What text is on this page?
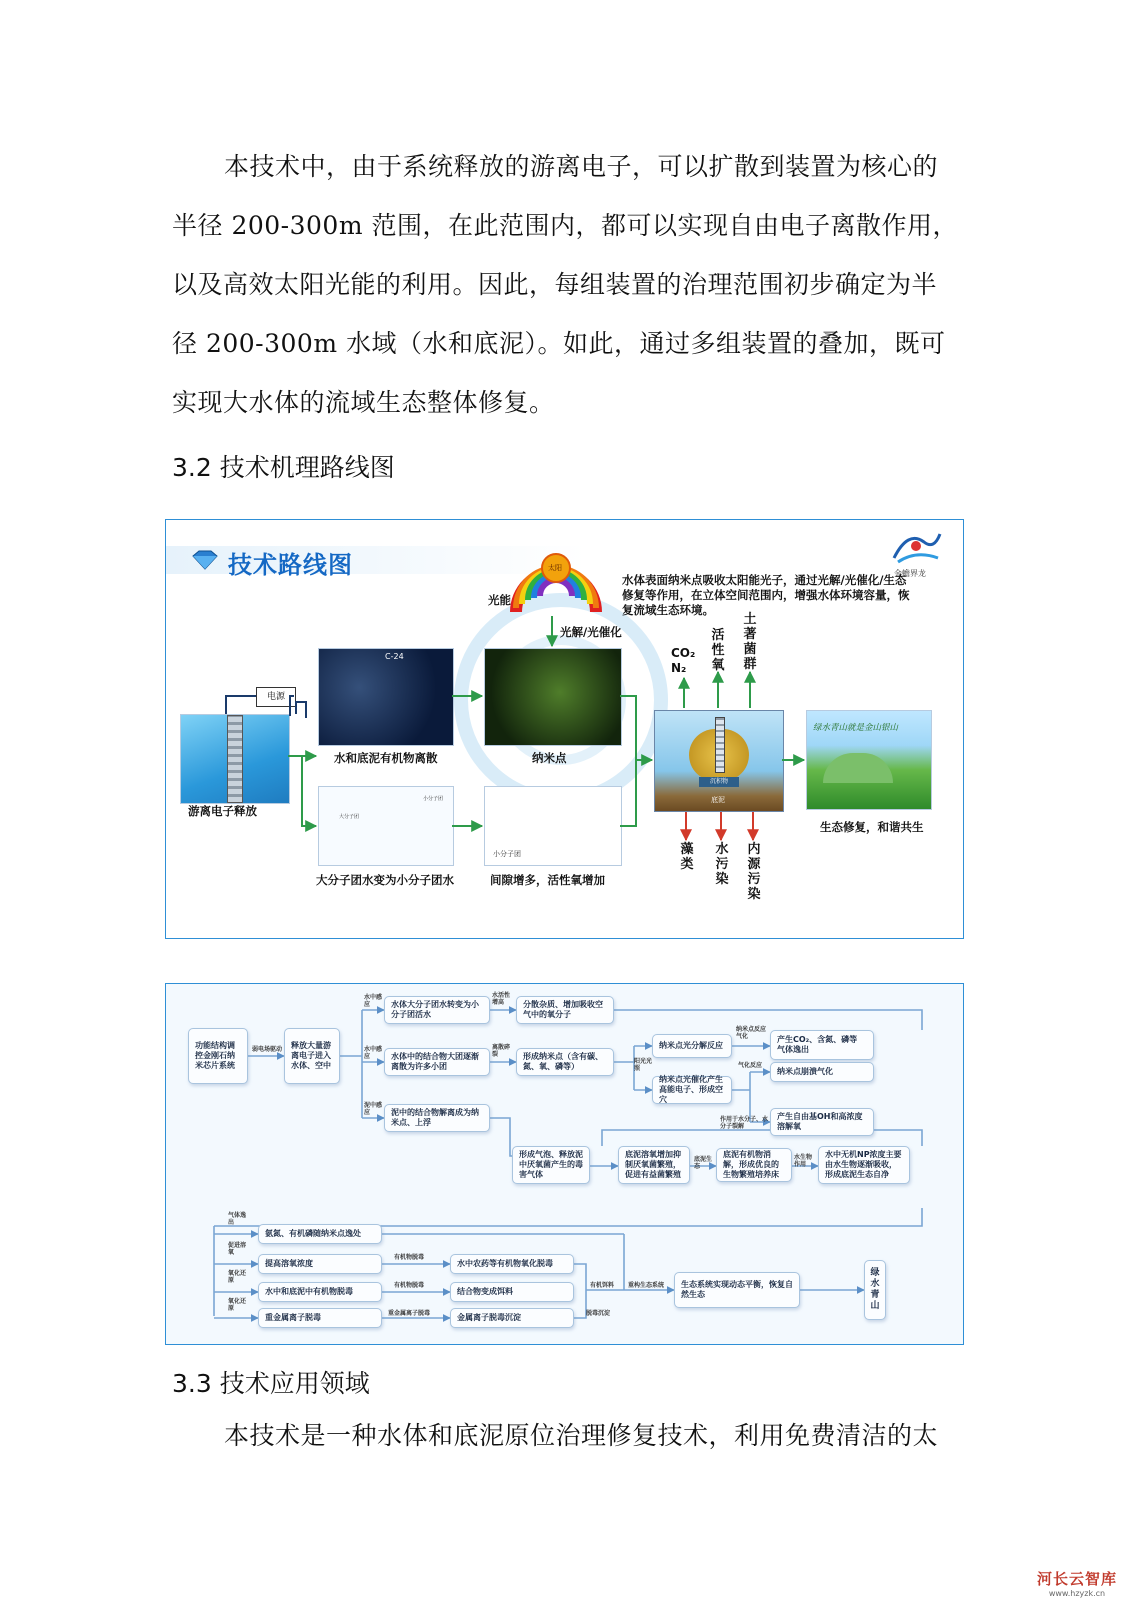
本技术中，由于系统释放的游离电子，可以扩散到装置为核心的
半径 200-300m 范围，在此范围内，都可以实现自由电子离散作用，
以及高效太阳光能的利用。因此，每组装置的治理范围初步确定为半
径 200-300m 水域（水和底泥）。如此，通过多组装置的叠加，既可
实现大水体的流域生态整体修复。
3.2 技术机理路线图
技术路线图	金蟾界龙
太阳
光能
光解/光催化
水体表面纳米点吸收太阳能光子，通过光解/光催化/生态修复等作用，在立体空间范围内，增强水体环境容量，恢复流域生态环境。
电源
游离电子释放
C-24
水和底泥有机物离散	纳米点
小分子团
大分子团
大分子团水变为小分子团水
小分子团
间隙增多，活性氧增加
CO₂
N₂
活性氧
土著菌群
沉积物
底泥
藻类
水污染
内源污染
绿水青山就是金山银山
生态修复，和谐共生
功能结构调控金刚石纳米芯片系统
释放大量游离电子进入水体、空中
水体大分子团水转变为小分子团活水
分散杂质、增加吸收空气中的氧分子
水体中的结合物大团逐渐离散为许多小团
形成纳米点（含有碳、氮、氧、磷等）
泥中的结合物解离成为纳米点、上浮
纳米点光分解反应
纳米点光催化产生高能电子、形成空穴
产生CO₂、含氮、磷等 气体逸出
纳米点崩溃气化
产生自由基OH和高浓度溶解氧
形成气泡、释放泥中厌氧菌产生的毒害气体
底泥溶氧增加抑制厌氧菌繁殖，促进有益菌繁殖
底泥有机物消解，形成优良的生物繁殖培养床
水中无机NP浓度主要由水生物逐渐吸收，形成底泥生态自净
氨氮、有机磷随纳米点逸处
提高溶氧浓度
水中和底泥中有机物脱毒
重金属离子脱毒
水中农药等有机物氧化脱毒
结合物变成饵料
金属离子脱毒沉淀
生态系统实现动态平衡，恢复自然生态
绿水青山
弱电场驱动
水中感应
水中感应
泥中感应
水活性增高
离散碎裂
阳光光照
纳米点反应气化
气化反应
作用于水分子、水分子裂解
底泥生态
水生物作用
气体逸出
促进溶氧
氧化还原
氧化还原
有机物脱毒
有机物脱毒
重金属离子脱毒
有机饵料
脱毒沉淀
重构生态系统
3.3 技术应用领域
本技术是一种水体和底泥原位治理修复技术，利用免费清洁的太
河长云智库
www.hzyzk.cn
